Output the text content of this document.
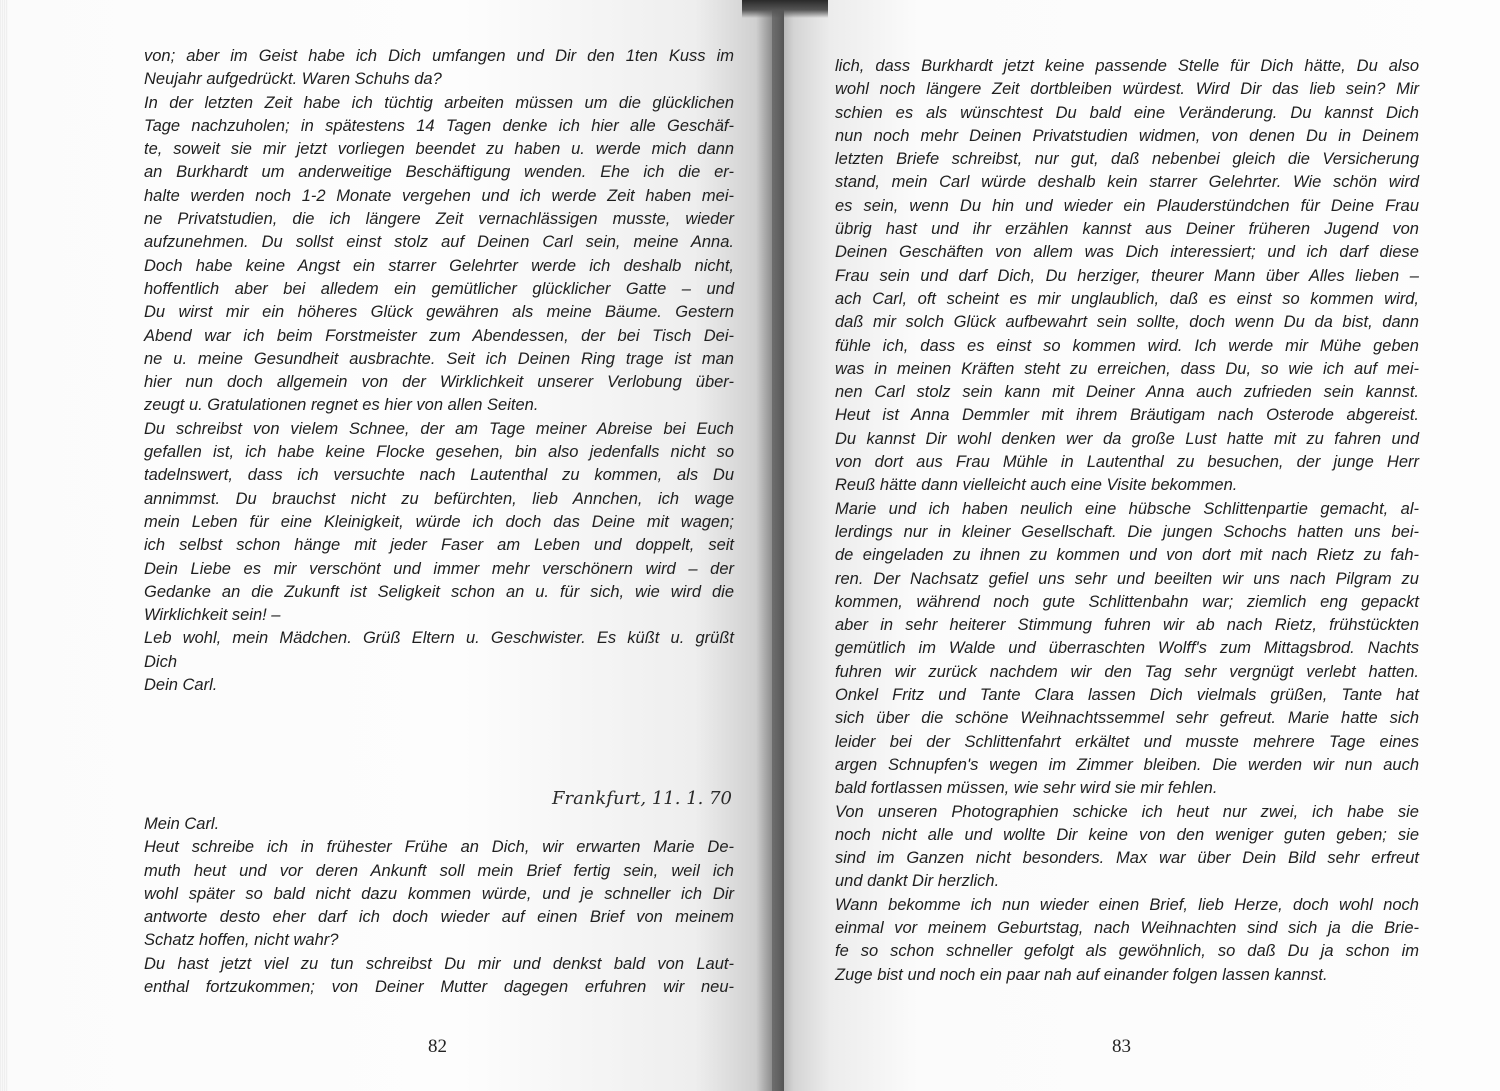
von; aber im Geist habe ich Dich umfangen und Dir den 1ten Kuss im
Neujahr aufgedrückt. Waren Schuhs da?
In der letzten Zeit habe ich tüchtig arbeiten müssen um die glücklichen
Tage nachzuholen; in spätestens 14 Tagen denke ich hier alle Geschäf-
te, soweit sie mir jetzt vorliegen beendet zu haben u. werde mich dann
an Burkhardt um anderweitige Beschäftigung wenden. Ehe ich die er-
halte werden noch 1-2 Monate vergehen und ich werde Zeit haben mei-
ne Privatstudien, die ich längere Zeit vernachlässigen musste, wieder
aufzunehmen. Du sollst einst stolz auf Deinen Carl sein, meine Anna.
Doch habe keine Angst ein starrer Gelehrter werde ich deshalb nicht,
hoffentlich aber bei alledem ein gemütlicher glücklicher Gatte – und
Du wirst mir ein höheres Glück gewähren als meine Bäume. Gestern
Abend war ich beim Forstmeister zum Abendessen, der bei Tisch Dei-
ne u. meine Gesundheit ausbrachte. Seit ich Deinen Ring trage ist man
hier nun doch allgemein von der Wirklichkeit unserer Verlobung über-
zeugt u. Gratulationen regnet es hier von allen Seiten.
Du schreibst von vielem Schnee, der am Tage meiner Abreise bei Euch
gefallen ist, ich habe keine Flocke gesehen, bin also jedenfalls nicht so
tadelnswert, dass ich versuchte nach Lautenthal zu kommen, als Du
annimmst. Du brauchst nicht zu befürchten, lieb Annchen, ich wage
mein Leben für eine Kleinigkeit, würde ich doch das Deine mit wagen;
ich selbst schon hänge mit jeder Faser am Leben und doppelt, seit
Dein Liebe es mir verschönt und immer mehr verschönern wird – der
Gedanke an die Zukunft ist Seligkeit schon an u. für sich, wie wird die
Wirklichkeit sein! –
Leb wohl, mein Mädchen. Grüß Eltern u. Geschwister. Es küßt u. grüßt
Dich
Dein Carl.
Frankfurt, 11. 1. 70
Mein Carl.
Heut schreibe ich in frühester Frühe an Dich, wir erwarten Marie De-
muth heut und vor deren Ankunft soll mein Brief fertig sein, weil ich
wohl später so bald nicht dazu kommen würde, und je schneller ich Dir
antworte desto eher darf ich doch wieder auf einen Brief von meinem
Schatz hoffen, nicht wahr?
Du hast jetzt viel zu tun schreibst Du mir und denkst bald von Laut-
enthal fortzukommen; von Deiner Mutter dagegen erfuhren wir neu-
82
lich, dass Burkhardt jetzt keine passende Stelle für Dich hätte, Du also
wohl noch längere Zeit dortbleiben würdest. Wird Dir das lieb sein? Mir
schien es als wünschtest Du bald eine Veränderung. Du kannst Dich
nun noch mehr Deinen Privatstudien widmen, von denen Du in Deinem
letzten Briefe schreibst, nur gut, daß nebenbei gleich die Versicherung
stand, mein Carl würde deshalb kein starrer Gelehrter. Wie schön wird
es sein, wenn Du hin und wieder ein Plauderstündchen für Deine Frau
übrig hast und ihr erzählen kannst aus Deiner früheren Jugend von
Deinen Geschäften von allem was Dich interessiert; und ich darf diese
Frau sein und darf Dich, Du herziger, theurer Mann über Alles lieben –
ach Carl, oft scheint es mir unglaublich, daß es einst so kommen wird,
daß mir solch Glück aufbewahrt sein sollte, doch wenn Du da bist, dann
fühle ich, dass es einst so kommen wird. Ich werde mir Mühe geben
was in meinen Kräften steht zu erreichen, dass Du, so wie ich auf mei-
nen Carl stolz sein kann mit Deiner Anna auch zufrieden sein kannst.
Heut ist Anna Demmler mit ihrem Bräutigam nach Osterode abgereist.
Du kannst Dir wohl denken wer da große Lust hatte mit zu fahren und
von dort aus Frau Mühle in Lautenthal zu besuchen, der junge Herr
Reuß hätte dann vielleicht auch eine Visite bekommen.
Marie und ich haben neulich eine hübsche Schlittenpartie gemacht, al-
lerdings nur in kleiner Gesellschaft. Die jungen Schochs hatten uns bei-
de eingeladen zu ihnen zu kommen und von dort mit nach Rietz zu fah-
ren. Der Nachsatz gefiel uns sehr und beeilten wir uns nach Pilgram zu
kommen, während noch gute Schlittenbahn war; ziemlich eng gepackt
aber in sehr heiterer Stimmung fuhren wir ab nach Rietz, frühstückten
gemütlich im Walde und überraschten Wolff's zum Mittagsbrod. Nachts
fuhren wir zurück nachdem wir den Tag sehr vergnügt verlebt hatten.
Onkel Fritz und Tante Clara lassen Dich vielmals grüßen, Tante hat
sich über die schöne Weihnachtssemmel sehr gefreut. Marie hatte sich
leider bei der Schlittenfahrt erkältet und musste mehrere Tage eines
argen Schnupfen's wegen im Zimmer bleiben. Die werden wir nun auch
bald fortlassen müssen, wie sehr wird sie mir fehlen.
Von unseren Photographien schicke ich heut nur zwei, ich habe sie
noch nicht alle und wollte Dir keine von den weniger guten geben; sie
sind im Ganzen nicht besonders. Max war über Dein Bild sehr erfreut
und dankt Dir herzlich.
Wann bekomme ich nun wieder einen Brief, lieb Herze, doch wohl noch
einmal vor meinem Geburtstag, nach Weihnachten sind sich ja die Brie-
fe so schon schneller gefolgt als gewöhnlich, so daß Du ja schon im
Zuge bist und noch ein paar nah auf einander folgen lassen kannst.
83
